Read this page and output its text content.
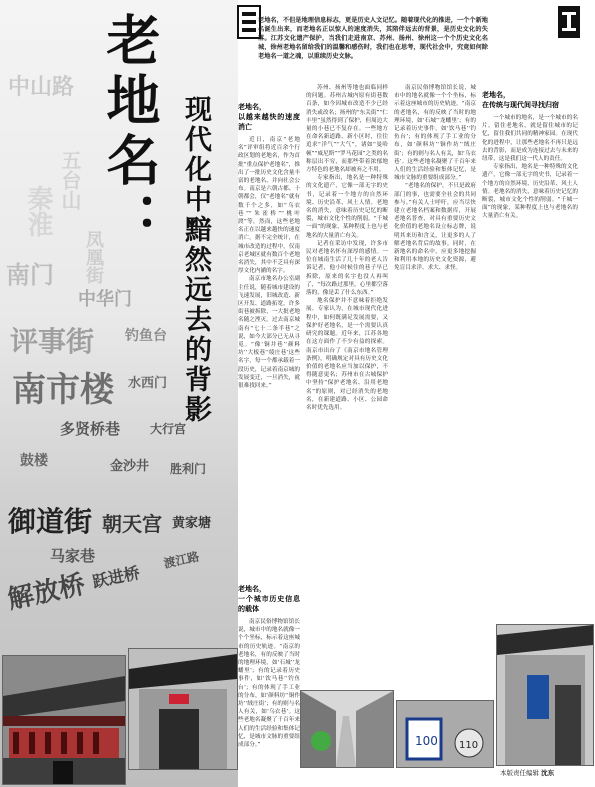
中山路
五台山
凤凰街
秦淮
南门
中华门
评事街 钓鱼台
南市楼 水西门
多贤桥巷 大行宫
鼓楼	金沙井
御道街 朝天宫 黄家塘
马家巷
解放桥 跃进桥
渡江路
胜利门
老地名： 现代化中黯然远去的背影
老地名，不但是地理信息标志，更是历史人文记忆。随着现代化的推进，一个个新地名诞生出来，而老地名正以惊人的速度消失，其陪伴远去的背景，是历史文化的失落。江苏文化遗产保护，当我们走进南京、苏州、扬州、徐州这一个个历史文化名城，徐州老地名留给我们的温馨和感伤时，我们也在思考，现代社会中，究竟如何除老地名一道之魂，以重续历史文脉。
老地名，
以越来越快的速度消亡

近日，南京“老地名”评审组将近百余个行政区划的老地名，作为首批“重点保护老地名”，推出了一批历史文化含量丰富的老地名，并向社会公布。南京是六朝古都、十朝都会，仅“老地名”就有数千个之多，如“乌衣巷”“朱雀桥”“桃叶渡”等，然而，这些老地名正在以越来越快的速度消亡。据不完全统计，在城市改造的过程中，仅南京老城区就有数百个老地名消失，其中不乏具有深厚文化内涵的名字。

南京市地名办公室副主任说，随着城市建设的飞速发展，旧城改造、新区开发、道路拓宽，许多街巷被拆除，一大批老地名随之湮灭。过去南京城南有“七十二条半巷”之说，如今大部分已无从寻觅。“像‘铜井巷’‘颜料坊’‘大板巷’‘绫庄巷’这些名字，每一个都承载着一段历史，记录着南京城的发展变迁，一旦消失，就很难找回来。”

老地名，
一个城市历史信息的载体

南京民俗博物馆馆长说，城市中的地名就像一个个坐标，标示着这座城市的历史轨迹。“南京的老地名，有的反映了当时的地理环境，如‘石城’‘龙蟠里’；有的记录着历史事件，如‘饮马巷’‘钓鱼台’；有的体现了手工业的分布，如‘颜料坊’‘铜作坊’‘绒庄街’；有的则与名人有关，如‘乌衣巷’。这些老地名凝聚了千百年来人们的生活经验和集体记忆，是城市文脉的重要组成部分。”

苏州、扬州等地也面临同样的问题。苏州古城内原有街巷数百条，如今因城市改造不少已经消失或改名；扬州的“东关街”“仁丰里”虽然得到了保护，但周边大量的小巷已不复存在。一些地方在命名新道路、新小区时，往往追求“洋气”“大气”，诸如“曼哈顿”“威尼斯”“罗马花园”之类的名称层出不穷，而那些带着浓郁地方特色的老地名却被弃之不用。

专家指出，地名是一种特殊的文化遗产，它像一部无字的史书，记录着一个地方的自然环境、历史沿革、风土人情。老地名的消失，意味着历史记忆的断裂，城市文化个性的削弱。“千城一面”的现象，某种程度上也与老地名的大量消亡有关。

记者在采访中发现，许多市民对老地名怀有深厚的感情。一位在城南生活了几十年的老人告诉记者，他小时候住的巷子早已拆除，原来的名字也没人再叫了，“每次路过那里，心里都空落落的，像是丢了什么东西。”

地名保护并不意味着拒绝发展。专家认为，在城市现代化进程中，如何既满足发展需要，又保护好老地名，是一个需要认真研究的课题。近年来，江苏各地在这方面作了不少有益的探索。南京市出台了《南京市地名管理条例》，明确规定对具有历史文化价值的老地名应当加以保护，不得随意更名；苏州市在古城保护中坚持“保护老地名、沿用老地名”的原则，对已经消失的老地名，在新建道路、小区、公园命名时优先选用。

南京民俗博物馆馆长说，城市中的地名就像一个个坐标，标示着这座城市的历史轨迹。“南京的老地名，有的反映了当时的地理环境，如‘石城’‘龙蟠里’；有的记录着历史事件，如‘饮马巷’‘钓鱼台’；有的体现了手工业的分布，如‘颜料坊’‘铜作坊’‘绒庄街’；有的则与名人有关，如‘乌衣巷’。这些老地名凝聚了千百年来人们的生活经验和集体记忆，是城市文脉的重要组成部分。”

“老地名的保护，不只是政府部门的事，也需要全社会的共同参与。”有关人士呼吁，应当尽快建立老地名档案和数据库，开展老地名普查，对具有重要历史文化价值的老地名设立标志牌，说明其来历和含义，让更多的人了解老地名背后的故事。同时，在新地名的命名中，应更多地挖掘和利用本地的历史文化资源，避免盲目求洋、求大、求怪。

老地名，
在传统与现代间寻找归宿

一个城市的地名，是一个城市的名片。留住老地名，就是留住城市的记忆，留住我们共同的精神家园。在现代化的进程中，让那些老地名不再只是远去的背影，而是成为连接过去与未来的纽带，这是我们这一代人的责任。

专家指出，地名是一种特殊的文化遗产，它像一部无字的史书，记录着一个地方的自然环境、历史沿革、风土人情。老地名的消失，意味着历史记忆的断裂，城市文化个性的削弱。“千城一面”的现象，某种程度上也与老地名的大量消亡有关。

100 110
本版责任编辑 沈东
